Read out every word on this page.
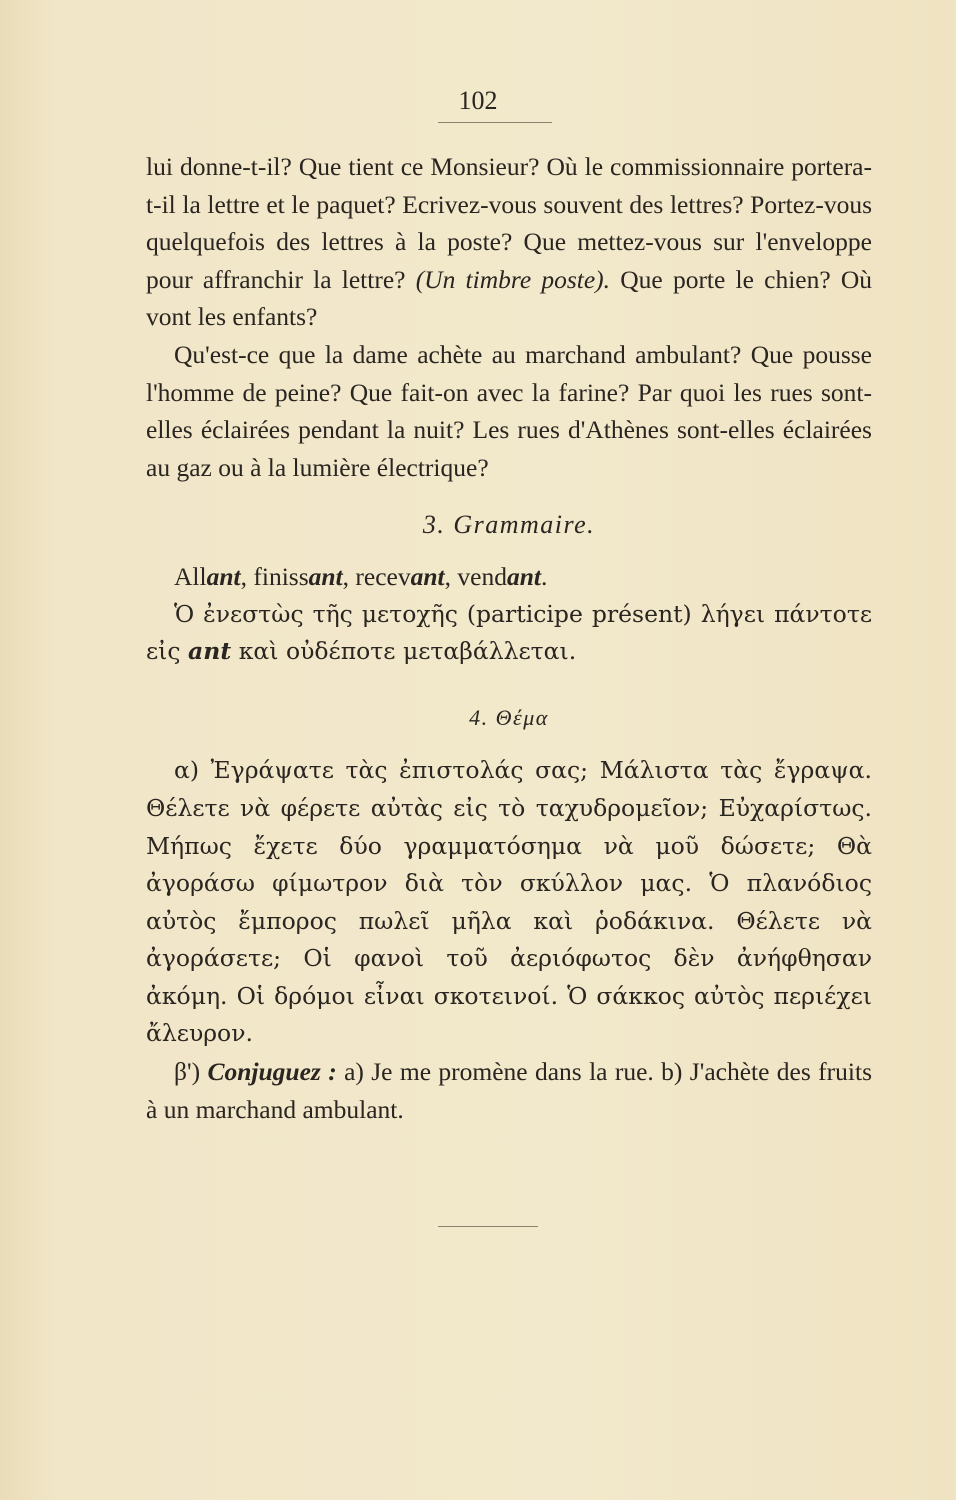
102

lui donne-t-il? Que tient ce Monsieur? Où le commissionnaire portera-t-il la lettre et le paquet? Ecrivez-vous souvent des lettres? Portez-vous quelquefois des lettres à la poste? Que mettez-vous sur l'enveloppe pour affranchir la lettre? (Un timbre poste). Que porte le chien? Où vont les enfants?

Qu'est-ce que la dame achète au marchand ambulant? Que pousse l'homme de peine? Que fait-on avec la farine? Par quoi les rues sont-elles éclairées pendant la nuit? Les rues d'Athènes sont-elles éclairées au gaz ou à la lumière électrique?

3. Grammaire.

Allant, finissant, recevant, vendant.

Ὁ ἐνεστὼς τῆς μετοχῆς (participe présent) λήγει πάντοτε εἰς ant καὶ οὐδέποτε μεταβάλλεται.

4. Θέμα

α) Ἐγράψατε τὰς ἐπιστολάς σας; Μάλιστα τὰς ἔγραψα. Θέλετε νὰ φέρετε αὐτὰς εἰς τὸ ταχυδρομεῖον; Εὐχαρίστως. Μήπως ἔχετε δύο γραμματόσημα νὰ μοῦ δώσετε; Θὰ ἀγοράσω φίμωτρον διὰ τὸν σκύλλον μας. Ὁ πλανόδιος αὐτὸς ἔμπορος πωλεῖ μῆλα καὶ ῥοδάκινα. Θέλετε νὰ ἀγοράσετε; Οἱ φανοὶ τοῦ ἀεριόφωτος δὲν ἀνήφθησαν ἀκόμη. Οἱ δρόμοι εἶναι σκοτεινοί. Ὁ σάκκος αὐτὸς περιέχει ἄλευρον.

β') Conjuguez : a) Je me promène dans la rue. b) J'achète des fruits à un marchand ambulant.
